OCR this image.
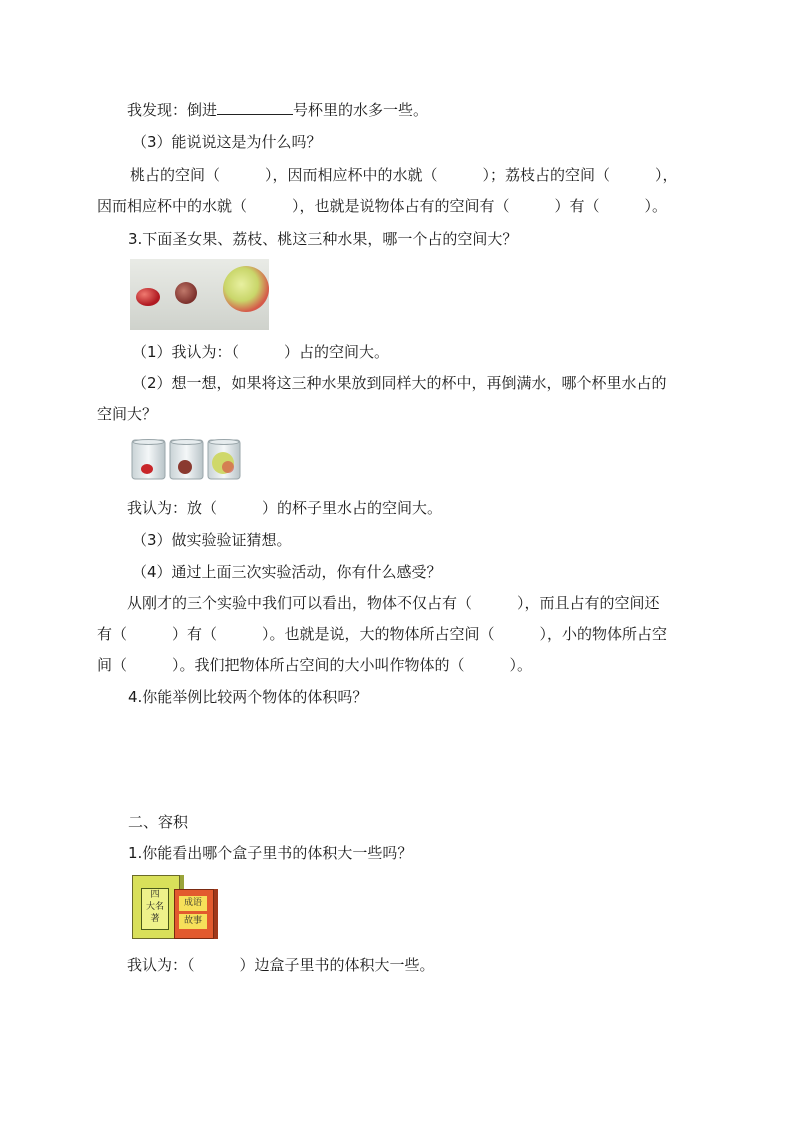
我发现：倒进	号杯里的水多一些。
（3）能说说这是为什么吗？
桃占的空间（　　　），因而相应杯中的水就（　　　）；荔枝占的空间（　　　），
因而相应杯中的水就（　　　），也就是说物体占有的空间有（　　　）有（　　　）。
3.下面圣女果、荔枝、桃这三种水果，哪一个占的空间大？
（1）我认为：（　　　）占的空间大。
（2）想一想，如果将这三种水果放到同样大的杯中，再倒满水，哪个杯里水占的
空间大？
我认为：放（　　　）的杯子里水占的空间大。
（3）做实验验证猜想。
（4）通过上面三次实验活动，你有什么感受？
从刚才的三个实验中我们可以看出，物体不仅占有（　　　），而且占有的空间还
有（　　　）有（　　　）。也就是说，大的物体所占空间（　　　），小的物体所占空
间（　　　）。我们把物体所占空间的大小叫作物体的（　　　）。
4.你能举例比较两个物体的体积吗？
二、容积
1.你能看出哪个盒子里书的体积大一些吗？
四
大名
著
成语
故事
我认为：（　　　）边盒子里书的体积大一些。
